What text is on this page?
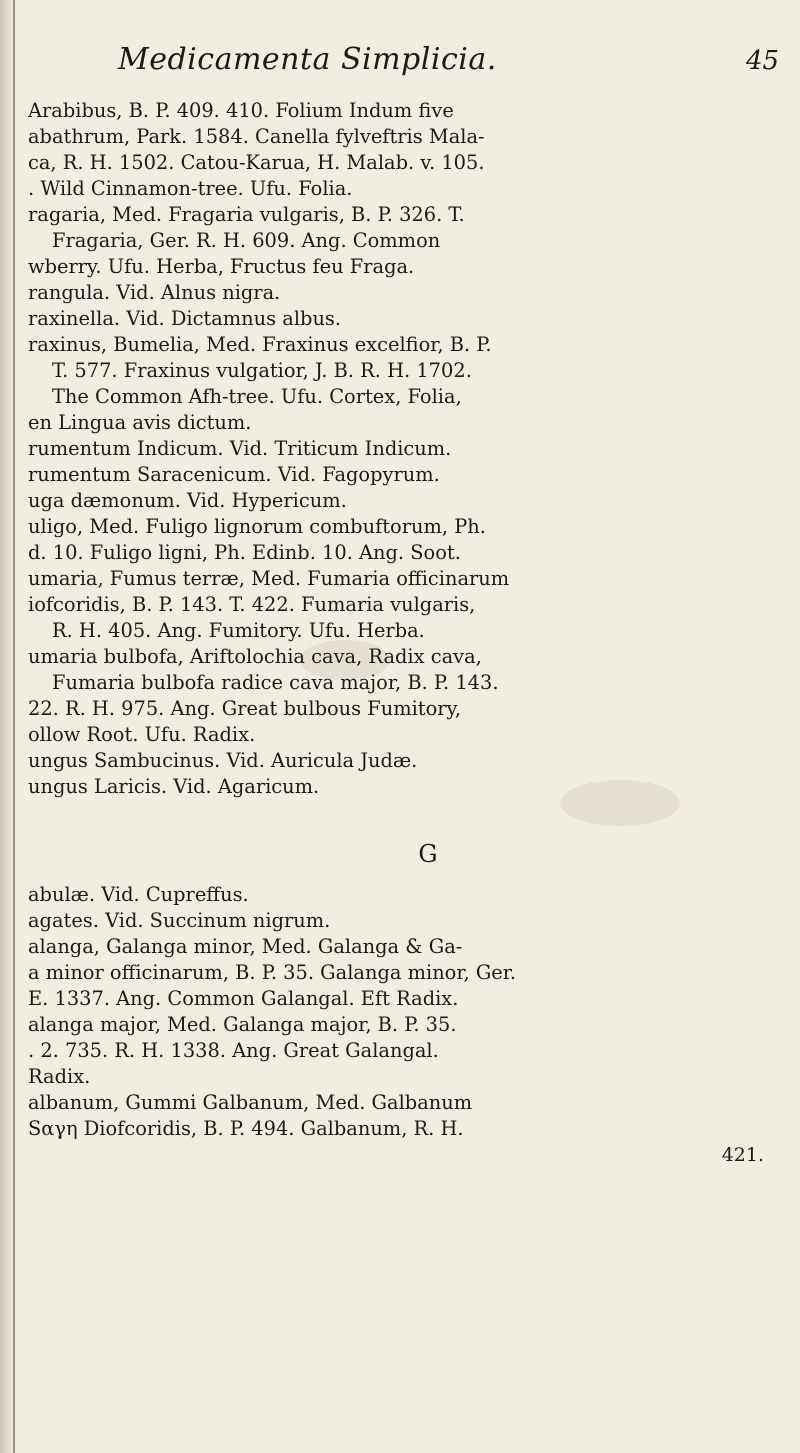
Medicamenta Simplicia.	45
Arabibus, B. P. 409. 410. Folium Indum five
abathrum, Park. 1584. Canella fylveftris Mala-
ca, R. H. 1502. Catou-Karua, H. Malab. v. 105.
. Wild Cinnamon-tree. Ufu. Folia.
ragaria, Med. Fragaria vulgaris, B. P. 326. T.
Fragaria, Ger. R. H. 609. Ang. Common
wberry. Ufu. Herba, Fructus feu Fraga.
rangula. Vid. Alnus nigra.
raxinella. Vid. Dictamnus albus.
raxinus, Bumelia, Med. Fraxinus excelfior, B. P.
T. 577. Fraxinus vulgatior, J. B. R. H. 1702.
The Common Afh-tree. Ufu. Cortex, Folia,
en Lingua avis dictum.
rumentum Indicum. Vid. Triticum Indicum.
rumentum Saracenicum. Vid. Fagopyrum.
uga dæmonum. Vid. Hypericum.
uligo, Med. Fuligo lignorum combuftorum, Ph.
d. 10. Fuligo ligni, Ph. Edinb. 10. Ang. Soot.
umaria, Fumus terræ, Med. Fumaria officinarum
iofcoridis, B. P. 143. T. 422. Fumaria vulgaris,
R. H. 405. Ang. Fumitory. Ufu. Herba.
umaria bulbofa, Ariftolochia cava, Radix cava,
Fumaria bulbofa radice cava major, B. P. 143.
22. R. H. 975. Ang. Great bulbous Fumitory,
ollow Root. Ufu. Radix.
ungus Sambucinus. Vid. Auricula Judæ.
ungus Laricis. Vid. Agaricum.
G
abulæ. Vid. Cupreffus.
agates. Vid. Succinum nigrum.
alanga, Galanga minor, Med. Galanga & Ga-
a minor officinarum, B. P. 35. Galanga minor, Ger.
E. 1337. Ang. Common Galangal. Eft Radix.
alanga major, Med. Galanga major, B. P. 35.
. 2. 735. R. H. 1338. Ang. Great Galangal.
Radix.
albanum, Gummi Galbanum, Med. Galbanum
Sαγη Diofcoridis, B. P. 494. Galbanum, R. H.
421.
